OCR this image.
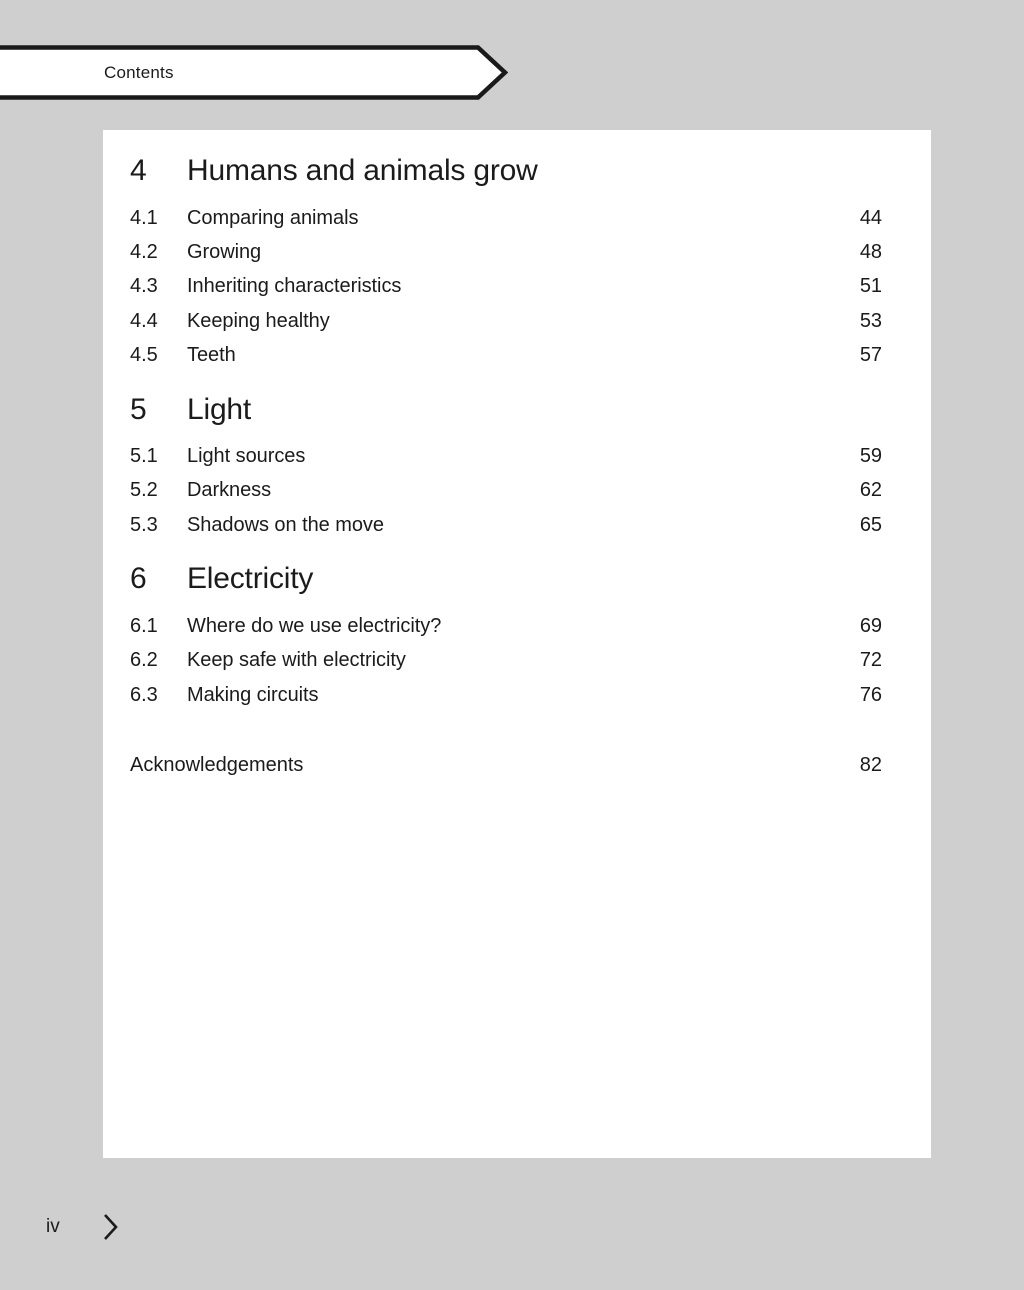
Contents
4	Humans and animals grow
4.1	Comparing animals	44
4.2	Growing	48
4.3	Inheriting characteristics	51
4.4	Keeping healthy	53
4.5	Teeth	57
5	Light
5.1	Light sources	59
5.2	Darkness	62
5.3	Shadows on the move	65
6	Electricity
6.1	Where do we use electricity?	69
6.2	Keep safe with electricity	72
6.3	Making circuits	76
Acknowledgements	82
iv
